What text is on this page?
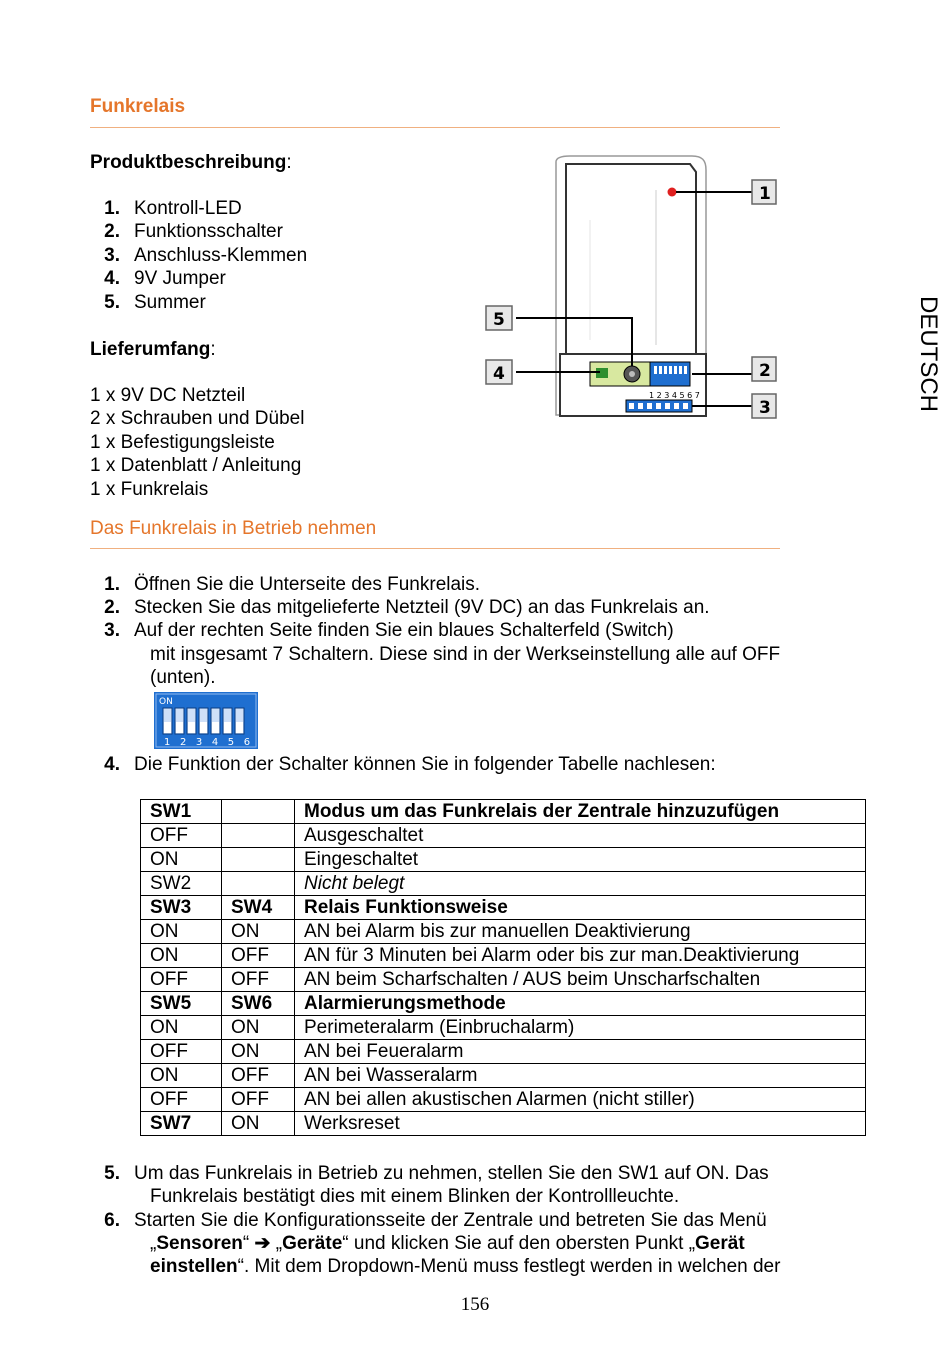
Funkrelais
DEUTSCH
Produktbeschreibung:
1. Kontroll-LED
2. Funktionsschalter
3. Anschluss-Klemmen
4. 9V Jumper
5. Summer
Lieferumfang:
1 x 9V DC Netzteil
2 x Schrauben und Dübel
1 x Befestigungsleiste
1 x Datenblatt / Anleitung
1 x Funkrelais
1 2 3 4 5 6 7
1
2
3
4
5
Das Funkrelais in Betrieb nehmen
1. Öffnen Sie die Unterseite des Funkrelais.
2. Stecken Sie das mitgelieferte Netzteil (9V DC) an das Funkrelais an.
3. Auf der rechten Seite finden Sie ein blaues Schalterfeld (Switch)
mit insgesamt 7 Schaltern. Diese sind in der Werkseinstellung alle auf OFF
(unten).
ON
1 2 3 4 5 6 7
4. Die Funktion der Schalter können Sie in folgender Tabelle nachlesen:
SW1		Modus um das Funkrelais der Zentrale hinzuzufügen
OFF		Ausgeschaltet
ON		Eingeschaltet
SW2		Nicht belegt
SW3	SW4	Relais Funktionsweise
ON	ON	AN bei Alarm bis zur manuellen Deaktivierung
ON	OFF	AN für 3 Minuten bei Alarm oder bis zur man.Deaktivierung
OFF	OFF	AN beim Scharfschalten / AUS beim Unscharfschalten
SW5	SW6	Alarmierungsmethode
ON	ON	Perimeteralarm (Einbruchalarm)
OFF	ON	AN bei Feueralarm
ON	OFF	AN bei Wasseralarm
OFF	OFF	AN bei allen akustischen Alarmen (nicht stiller)
SW7	ON	Werksreset
5. Um das Funkrelais in Betrieb zu nehmen, stellen Sie den SW1 auf ON. Das
Funkrelais bestätigt dies mit einem Blinken der Kontrollleuchte.
6. Starten Sie die Konfigurationsseite der Zentrale und betreten Sie das Menü
„Sensoren“ ➔ „Geräte“ und klicken Sie auf den obersten Punkt „Gerät
einstellen“. Mit dem Dropdown-Menü muss festlegt werden in welchen der
156
